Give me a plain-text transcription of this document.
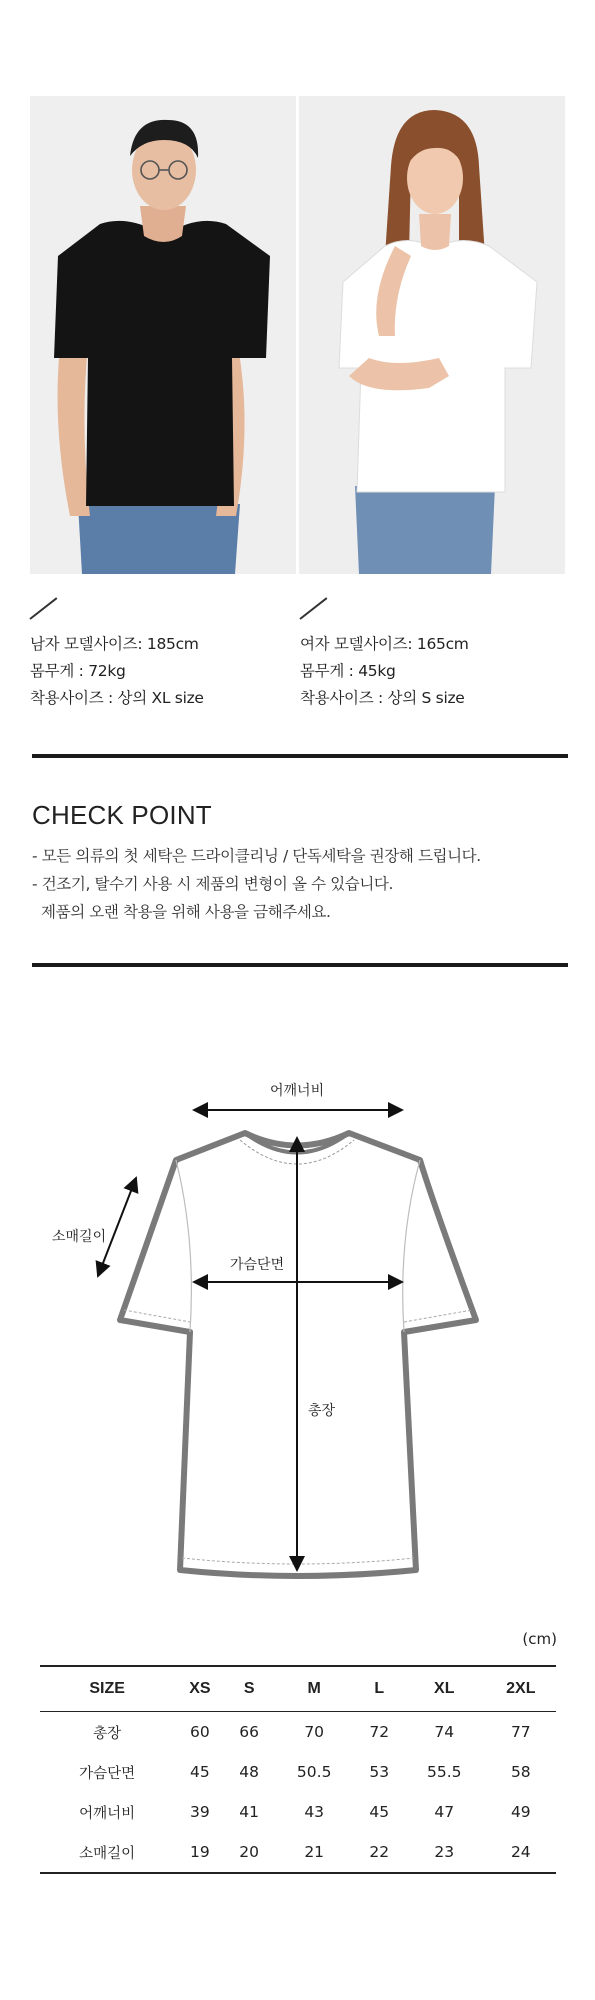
남자 모델사이즈: 185cm
몸무게 : 72kg
착용사이즈 : 상의 XL size
여자 모델사이즈: 165cm
몸무게 : 45kg
착용사이즈 : 상의 S size
CHECK POINT
- 모든 의류의 첫 세탁은 드라이클리닝 / 단독세탁을 권장해 드립니다.
- 건조기, 탈수기 사용 시 제품의 변형이 올 수 있습니다.
제품의 오랜 착용을 위해 사용을 금해주세요.
어깨너비
소매길이
가슴단면
총장
(cm)
SIZE	XS	S	M	L	XL	2XL
총장	60	66	70	72	74	77
가슴단면	45	48	50.5	53	55.5	58
어깨너비	39	41	43	45	47	49
소매길이	19	20	21	22	23	24
